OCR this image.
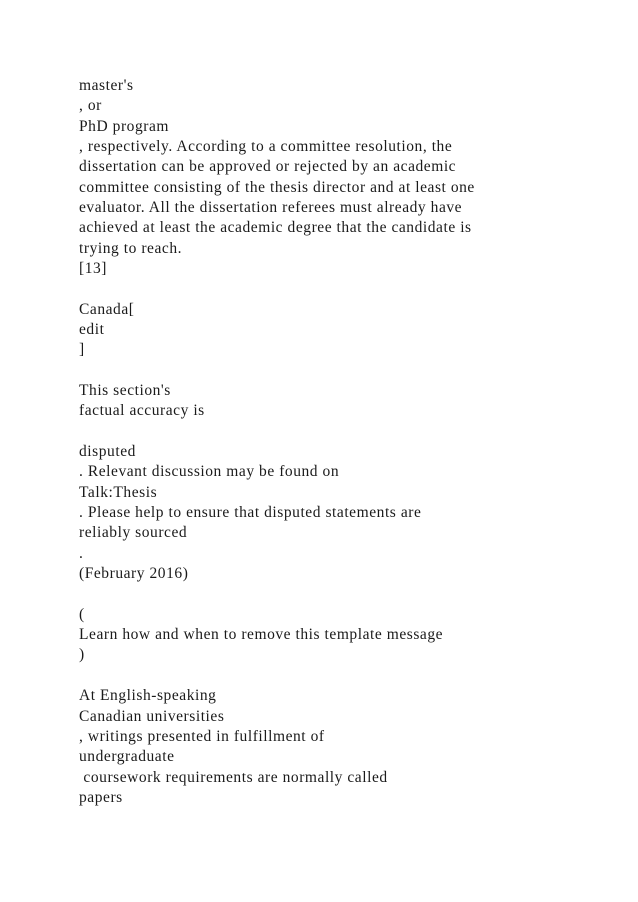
master's
, or
PhD program
, respectively. According to a committee resolution, the
dissertation can be approved or rejected by an academic
committee consisting of the thesis director and at least one
evaluator. All the dissertation referees must already have
achieved at least the academic degree that the candidate is
trying to reach.
[13]
Canada[
edit
]
This section's
factual accuracy is
disputed
. Relevant discussion may be found on
Talk:Thesis
. Please help to ensure that disputed statements are
reliably sourced
.
(February 2016)
(
Learn how and when to remove this template message
)
At English-speaking
Canadian universities
, writings presented in fulfillment of
undergraduate
coursework requirements are normally called
papers
